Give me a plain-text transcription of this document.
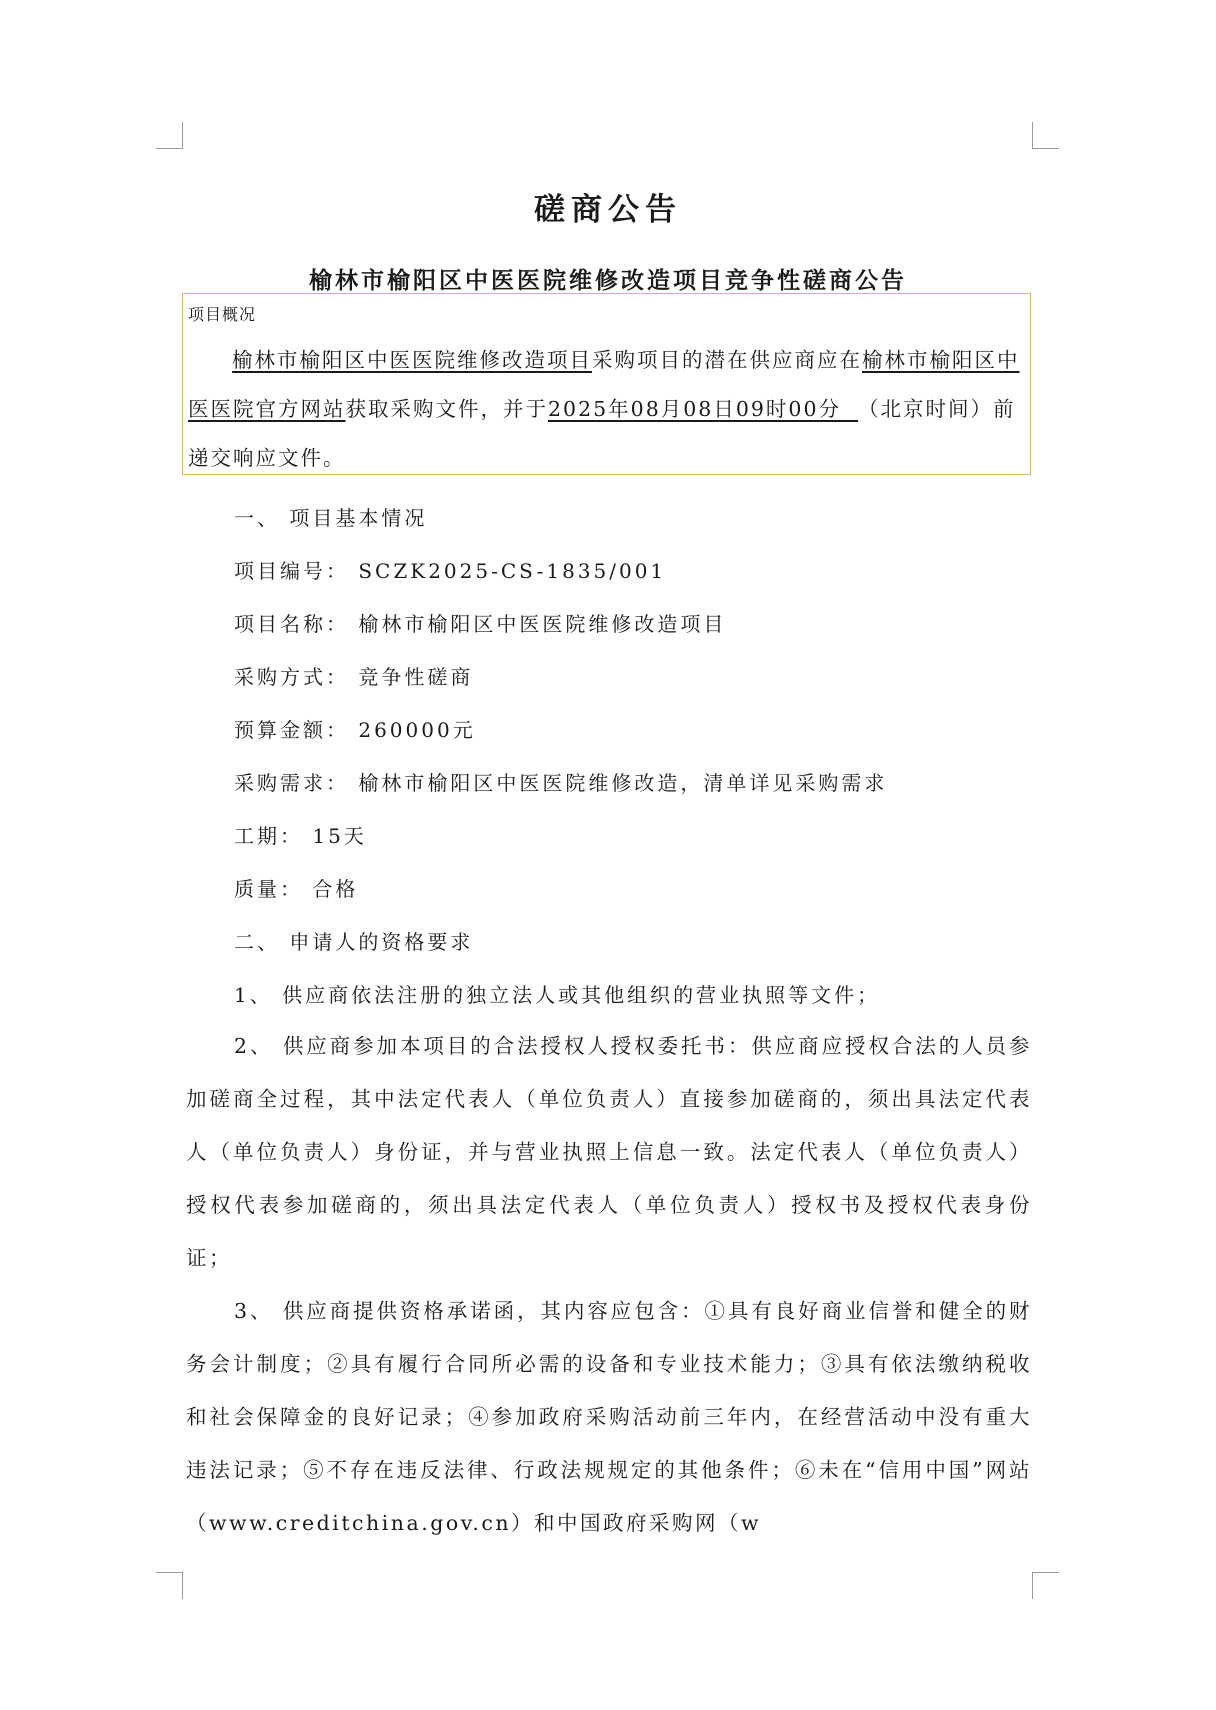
磋商公告
榆林市榆阳区中医医院维修改造项目竞争性磋商公告
项目概况

榆林市榆阳区中医医院维修改造项目采购项目的潜在供应商应在榆林市榆阳区中医医院官方网站获取采购文件，并于2025年08月08日09时00分 （北京时间）前递交响应文件。

一、 项目基本情况
项目编号： SCZK2025-CS-1835/001
项目名称： 榆林市榆阳区中医医院维修改造项目
采购方式： 竞争性磋商
预算金额： 260000元
采购需求： 榆林市榆阳区中医医院维修改造，清单详见采购需求
工期： 15天
质量： 合格
二、 申请人的资格要求
1、 供应商依法注册的独立法人或其他组织的营业执照等文件；

2、 供应商参加本项目的合法授权人授权委托书：供应商应授权合法的人员参加磋商全过程，其中法定代表人（单位负责人）直接参加磋商的，须出具法定代表人（单位负责人）身份证，并与营业执照上信息一致。法定代表人（单位负责人）授权代表参加磋商的，须出具法定代表人（单位负责人）授权书及授权代表身份证；

3、 供应商提供资格承诺函，其内容应包含：①具有良好商业信誉和健全的财务会计制度；②具有履行合同所必需的设备和专业技术能力；③具有依法缴纳税收和社会保障金的良好记录；④参加政府采购活动前三年内，在经营活动中没有重大违法记录；⑤不存在违反法律、行政法规规定的其他条件；⑥未在“信用中国”网站（www.creditchina.gov.cn）和中国政府采购网（w
